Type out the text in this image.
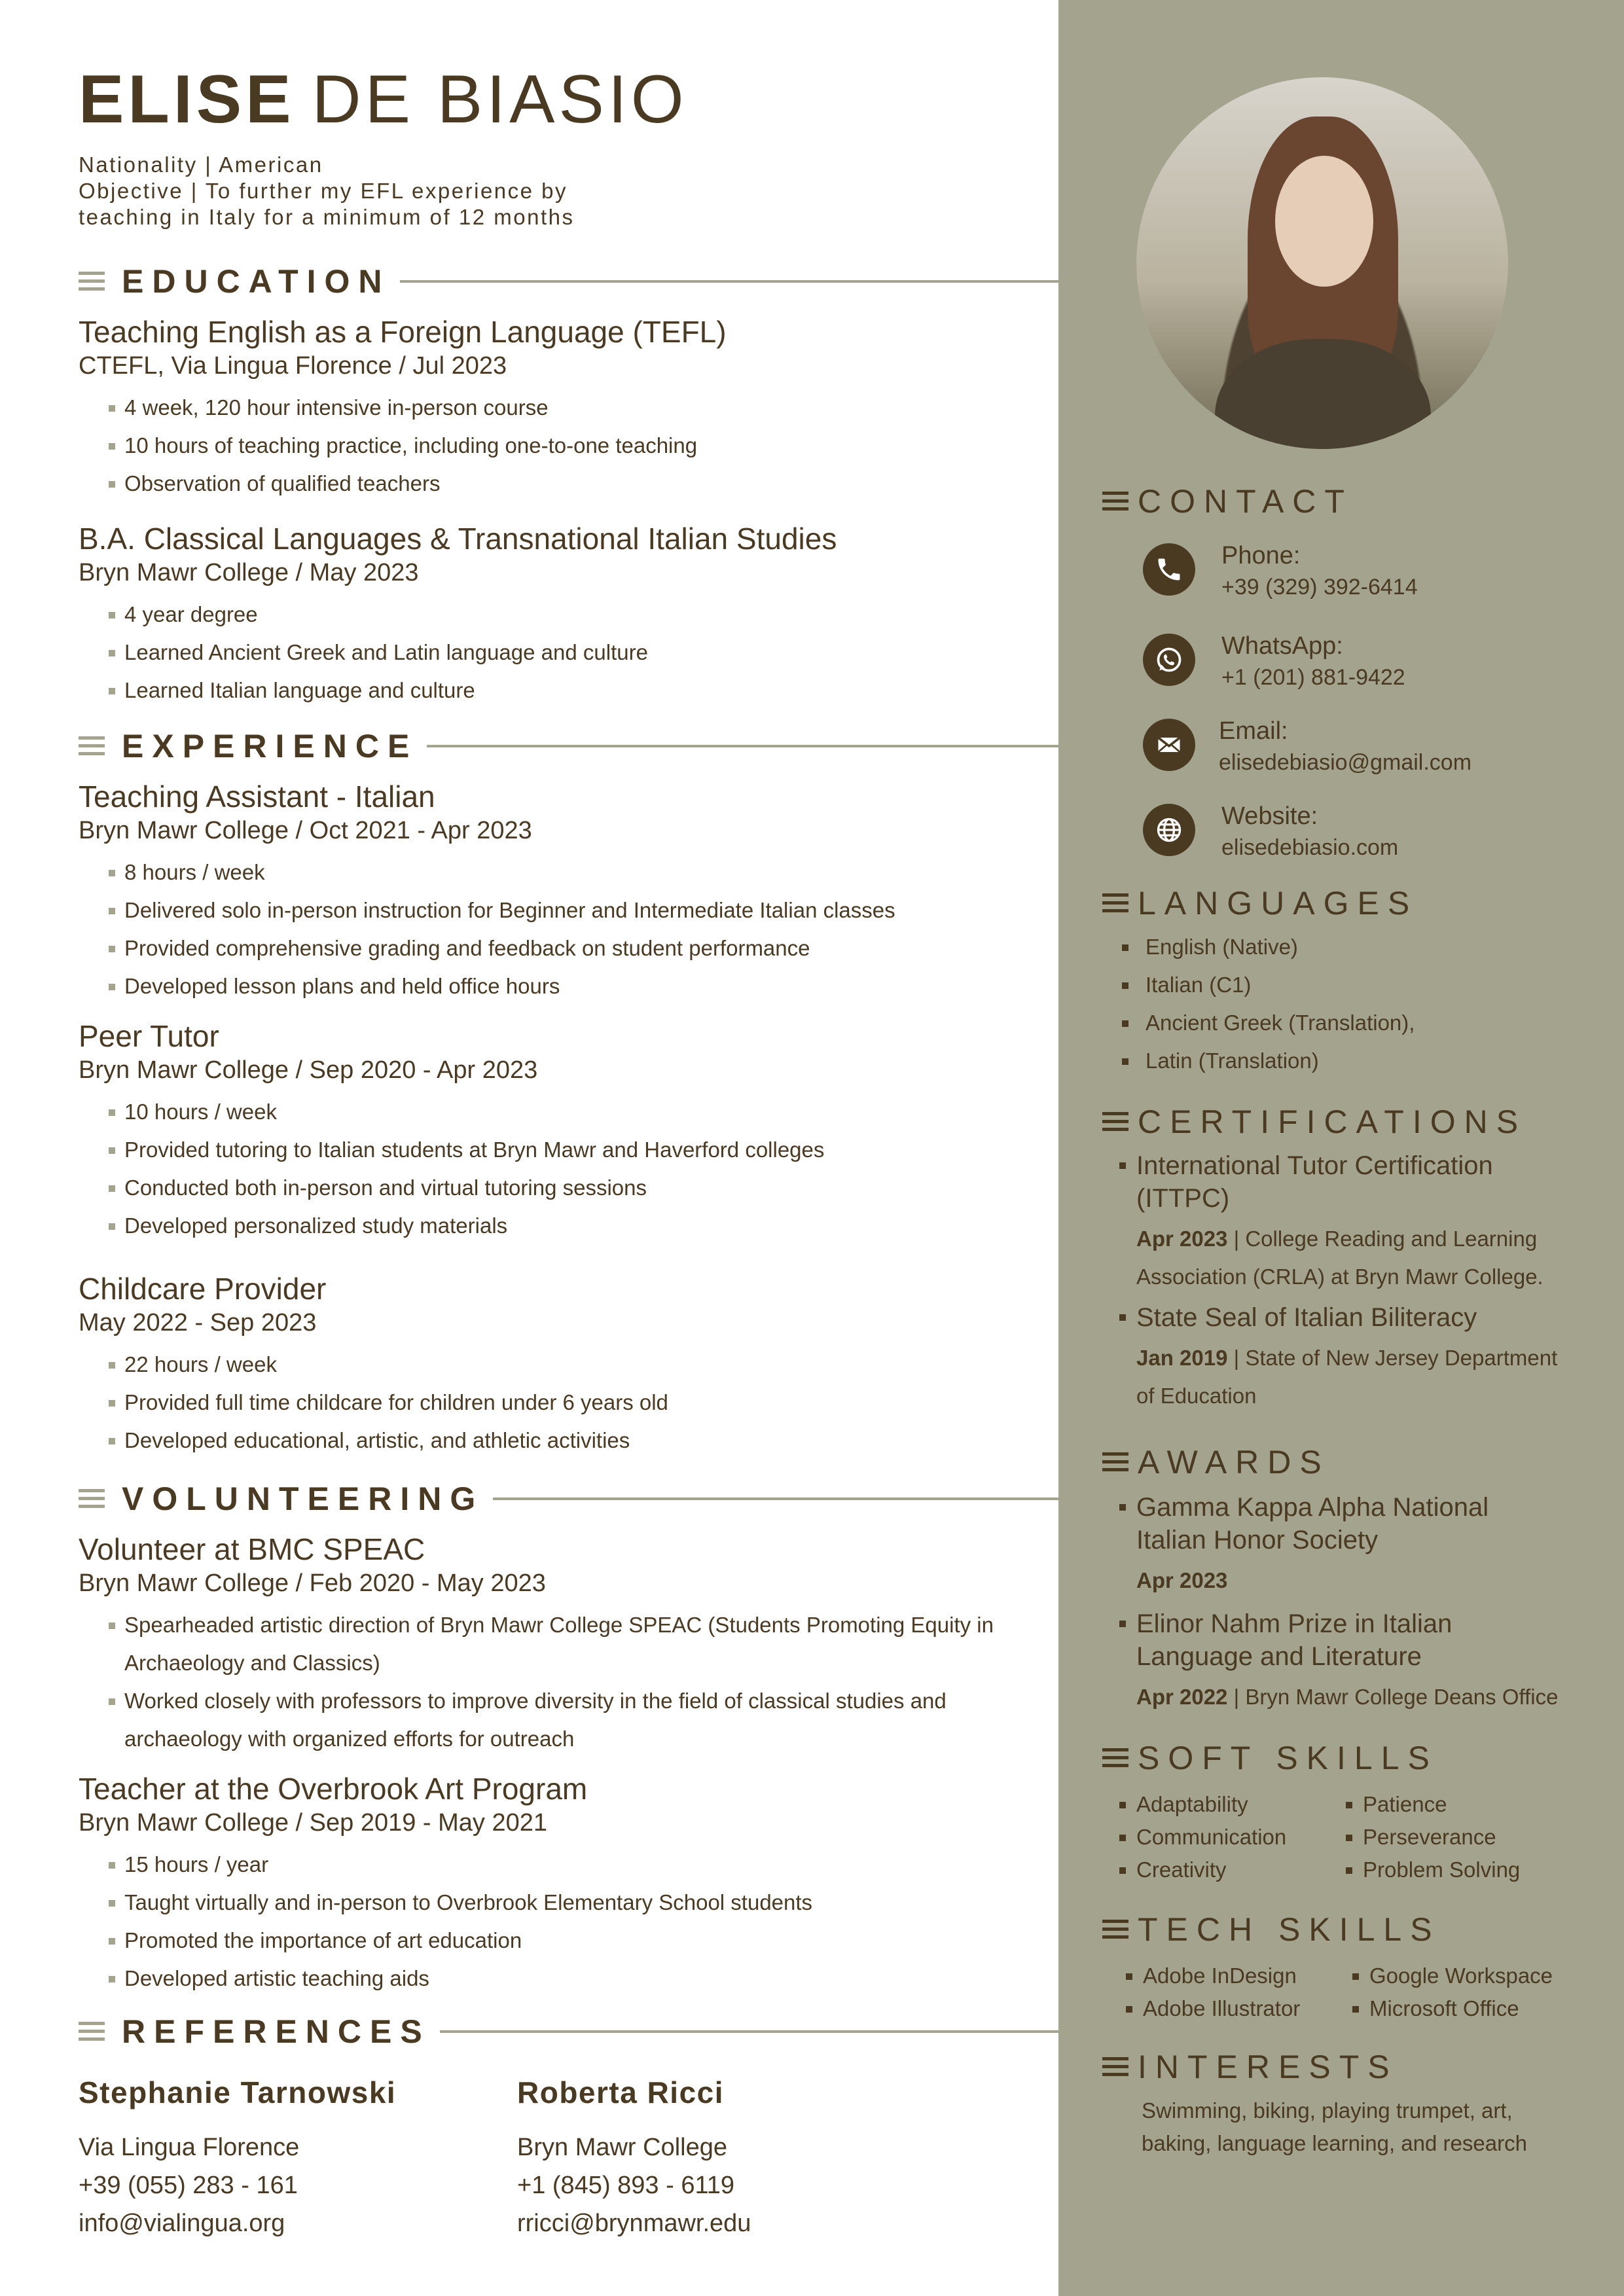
ELISE DE BIASIO
Nationality | American
Objective | To further my EFL experience by
teaching in Italy for a minimum of 12 months
EDUCATION
Teaching English as a Foreign Language (TEFL)
CTEFL, Via Lingua Florence / Jul 2023
4 week, 120 hour intensive in-person course
10 hours of teaching practice, including one-to-one teaching
Observation of qualified teachers
B.A. Classical Languages & Transnational Italian Studies
Bryn Mawr College / May 2023
4 year degree
Learned Ancient Greek and Latin language and culture
Learned Italian language and culture
EXPERIENCE
Teaching Assistant - Italian
Bryn Mawr College / Oct 2021 - Apr 2023
8 hours / week
Delivered solo in-person instruction for Beginner and Intermediate Italian classes
Provided comprehensive grading and feedback on student performance
Developed lesson plans and held office hours
Peer Tutor
Bryn Mawr College / Sep 2020 - Apr 2023
10 hours / week
Provided tutoring to Italian students at Bryn Mawr and Haverford colleges
Conducted both in-person and virtual tutoring sessions
Developed personalized study materials
Childcare Provider
May 2022 - Sep 2023
22 hours / week
Provided full time childcare for children under 6 years old
Developed educational, artistic, and athletic activities
VOLUNTEERING
Volunteer at BMC SPEAC
Bryn Mawr College / Feb 2020 - May 2023
Spearheaded artistic direction of Bryn Mawr College SPEAC (Students Promoting Equity in Archaeology and Classics)
Worked closely with professors to improve diversity in the field of classical studies and archaeology with organized efforts for outreach
Teacher at the Overbrook Art Program
Bryn Mawr College / Sep 2019 - May 2021
15 hours / year
Taught virtually and in-person to Overbrook Elementary School students
Promoted the importance of art education
Developed artistic teaching aids
REFERENCES
Stephanie Tarnowski
Via Lingua Florence
+39 (055) 283 - 161
info@vialingua.org
Roberta Ricci
Bryn Mawr College
+1 (845) 893 - 6119
rricci@brynmawr.edu
CONTACT
Phone:
+39 (329) 392-6414
WhatsApp:
+1 (201) 881-9422
Email:
elisedebiasio@gmail.com
Website:
elisedebiasio.com
LANGUAGES
English (Native)
Italian (C1)
Ancient Greek (Translation),
Latin (Translation)
CERTIFICATIONS
International Tutor Certification
(ITTPC)
Apr 2023 | College Reading and Learning
Association (CRLA) at Bryn Mawr College.
State Seal of Italian Biliteracy
Jan 2019 | State of New Jersey Department
of Education
AWARDS
Gamma Kappa Alpha National
Italian Honor Society
Apr 2023
Elinor Nahm Prize in Italian
Language and Literature
Apr 2022 | Bryn Mawr College Deans Office
SOFT SKILLS
Adaptability	Patience
Communication	Perseverance
Creativity	Problem Solving
TECH SKILLS
Adobe InDesign	Google Workspace
Adobe Illustrator	Microsoft Office
INTERESTS
Swimming, biking, playing trumpet, art,
baking, language learning, and research
